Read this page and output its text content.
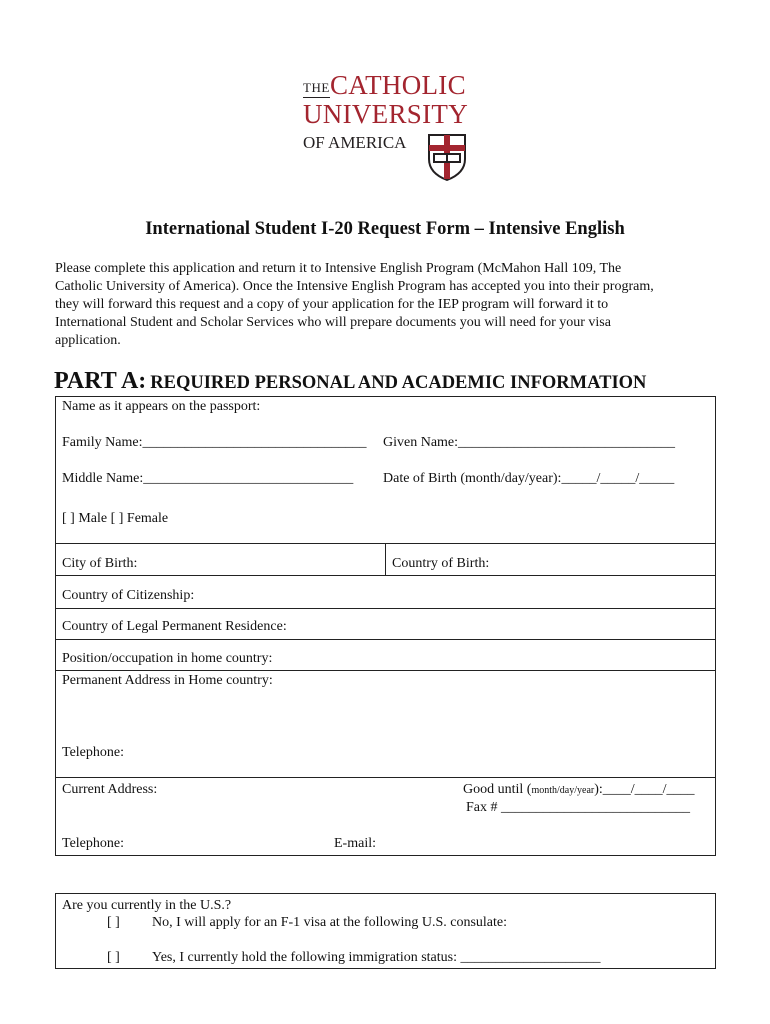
THE CATHOLIC
UNIVERSITY
OF AMERICA
International Student I-20 Request Form – Intensive English
Please complete this application and return it to Intensive English Program (McMahon Hall 109, The
Catholic University of America). Once the Intensive English Program has accepted you into their program,
they will forward this request and a copy of your application for the IEP program will forward it to
International Student and Scholar Services who will prepare documents you will need for your visa
application.
PART A: REQUIRED PERSONAL AND ACADEMIC INFORMATION
Name as it appears on the passport:
Family Name:________________________________ Given Name:_______________________________
Middle Name:______________________________ Date of Birth (month/day/year):_____/_____/_____
[ ] Male [ ] Female
City of Birth:	Country of Birth:
Country of Citizenship:
Country of Legal Permanent Residence:
Position/occupation in home country:
Permanent Address in Home country:
Telephone:
Current Address:	Good until (month/day/year):____/____/____
Fax # ___________________________
Telephone:	E-mail:
Are you currently in the U.S.?
[ ] No, I will apply for an F-1 visa at the following U.S. consulate:
[ ] Yes, I currently hold the following immigration status: ____________________
